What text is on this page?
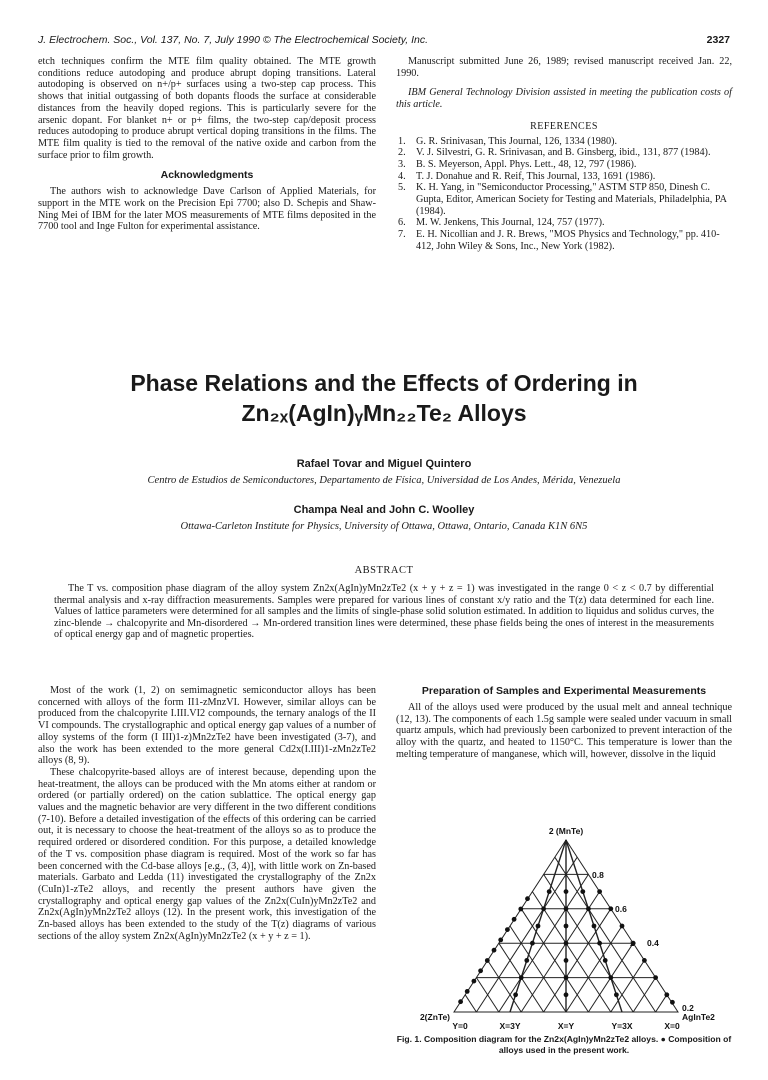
J. Electrochem. Soc., Vol. 137, No. 7, July 1990 © The Electrochemical Society, Inc.	2327

etch techniques confirm the MTE film quality obtained. The MTE growth conditions reduce autodoping and produce abrupt doping transitions. Lateral autodoping is observed on n+/p+ surfaces using a two-step cap process. This shows that initial outgassing of both dopants floods the surface at considerable distances from the heavily doped regions. This is particularly severe for the arsenic dopant. For blanket n+ or p+ films, the two-step cap/deposit process reduces autodoping to produce abrupt vertical doping transitions in the films. The MTE film quality is tied to the removal of the native oxide and carbon from the surface prior to film growth.

Acknowledgments

The authors wish to acknowledge Dave Carlson of Applied Materials, for support in the MTE work on the Precision Epi 7700; also D. Schepis and Shaw-Ning Mei of IBM for the later MOS measurements of MTE films deposited in the 7700 tool and Inge Fulton for experimental assistance.

Manuscript submitted June 26, 1989; revised manuscript received Jan. 22, 1990.

IBM General Technology Division assisted in meeting the publication costs of this article.

REFERENCES
1. G. R. Srinivasan, This Journal, 126, 1334 (1980).
2. V. J. Silvestri, G. R. Srinivasan, and B. Ginsberg, ibid., 131, 877 (1984).
3. B. S. Meyerson, Appl. Phys. Lett., 48, 12, 797 (1986).
4. T. J. Donahue and R. Reif, This Journal, 133, 1691 (1986).
5. K. H. Yang, in "Semiconductor Processing," ASTM STP 850, Dinesh C. Gupta, Editor, American Society for Testing and Materials, Philadelphia, PA (1984).
6. M. W. Jenkens, This Journal, 124, 757 (1977).
7. E. H. Nicollian and J. R. Brews, "MOS Physics and Technology," pp. 410-412, John Wiley & Sons, Inc., New York (1982).
Phase Relations and the Effects of Ordering in
Zn₂ₓ(AgIn)ᵧMn₂₂Te₂ Alloys
Rafael Tovar and Miguel Quintero
Centro de Estudios de Semiconductores, Departamento de Física, Universidad de Los Andes, Mérida, Venezuela
Champa Neal and John C. Woolley
Ottawa-Carleton Institute for Physics, University of Ottawa, Ottawa, Ontario, Canada K1N 6N5
ABSTRACT
The T vs. composition phase diagram of the alloy system Zn2x(AgIn)yMn2zTe2 (x + y + z = 1) was investigated in the range 0 < z < 0.7 by differential thermal analysis and x-ray diffraction measurements. Samples were prepared for various lines of constant x/y ratio and the T(z) data determined for each line. Values of lattice parameters were determined for all samples and the limits of single-phase solid solution estimated. In addition to liquidus and solidus curves, the zinc-blende → chalcopyrite and Mn-disordered → Mn-ordered transition lines were determined, these phase fields being the ones of interest in the measurements of optical energy gap and of magnetic properties.

Most of the work (1, 2) on semimagnetic semiconductor alloys has been concerned with alloys of the form II1-zMnzVI. However, similar alloys can be produced from the chalcopyrite I.III.VI2 compounds, the ternary analogs of the II VI compounds. The crystallographic and optical energy gap values of a number of alloy systems of the form (I III)1-z)Mn2zTe2 have been investigated (3-7), and also the work has been extended to the more general Cd2x(I.III)1-zMn2zTe2 alloys (8, 9).

These chalcopyrite-based alloys are of interest because, depending upon the heat-treatment, the alloys can be produced with the Mn atoms either at random or ordered (or partially ordered) on the cation sublattice. The optical energy gap values and the magnetic behavior are very different in the two different conditions (7-10). Before a detailed investigation of the effects of this ordering can be carried out, it is necessary to choose the heat-treatment of the alloys so as to produce the required ordered or disordered condition. For this purpose, a detailed knowledge of the T vs. composition phase diagram is required. Most of the work so far has been concerned with the Cd-base alloys [e.g., (3, 4)], with little work on Zn-based materials. Garbato and Ledda (11) investigated the crystallography of the Zn2x (CuIn)1-zTe2 alloys, and recently the present authors have given the crystallography and optical energy gap values of the Zn2x(CuIn)yMn2zTe2 and Zn2x(AgIn)yMn2zTe2 alloys (12). In the present work, this investigation of the Zn-based alloys has been extended to the study of the T(z) diagrams of various sections of the alloy system Zn2x(AgIn)yMn2zTe2 (x + y + z = 1).

Preparation of Samples and Experimental Measurements

All of the alloys used were produced by the usual melt and anneal technique (12, 13). The components of each 1.5g sample were sealed under vacuum in small quartz ampuls, which had previously been carbonized to prevent interaction of the alloy with the quartz, and heated to 1150°C. This temperature is lower than the melting temperature of manganese, which will, however, dissolve in the liquid

2 (MnTe)
2(ZnTe)	AgInTe2
z
0.8
0.6
0.4
0.2
Y=0	X=3Y	X=Y	Y=3X	X=0
Fig. 1. Composition diagram for the Zn2x(AgIn)yMn2zTe2 alloys. ● Composition of alloys used in the present work.
